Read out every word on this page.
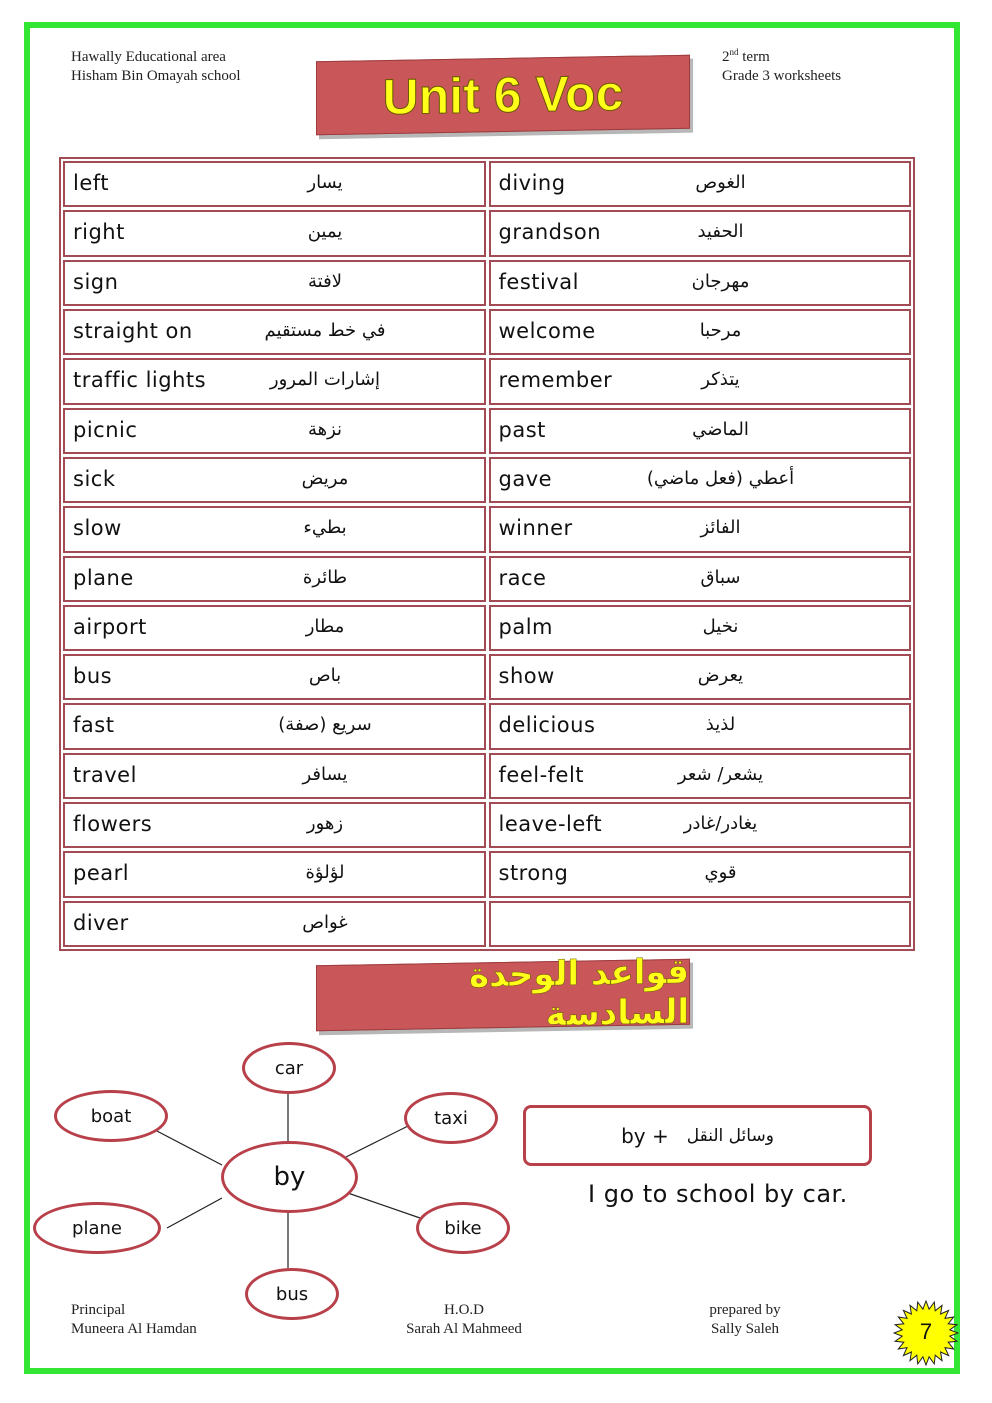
Hawally Educational area
Hisham Bin Omayah school
2nd term
Grade 3 worksheets
Unit 6 Voc
left	يسار	diving	الغوص
right	يمين	grandson	الحفيد
sign	لافتة	festival	مهرجان
straight on	في خط مستقيم	welcome	مرحبا
traffic lights	إشارات المرور	remember	يتذكر
picnic	نزهة	past	الماضي
sick	مريض	gave	أعطي (فعل ماضي)
slow	بطيء	winner	الفائز
plane	طائرة	race	سباق
airport	مطار	palm	نخيل
bus	باص	show	يعرض
fast	سريع (صفة)	delicious	لذيذ
travel	يسافر	feel-felt	يشعر/ شعر
flowers	زهور	leave-left	يغادر/غادر
pearl	لؤلؤة	strong	قوي
diver	غواص
قواعد الوحدة السادسة
by
car
taxi
bike
bus
plane
boat
by + وسائل النقل
I go to school by car.
Principal
Muneera Al Hamdan
H.O.D
Sarah Al Mahmeed
prepared by
Sally Saleh	7
